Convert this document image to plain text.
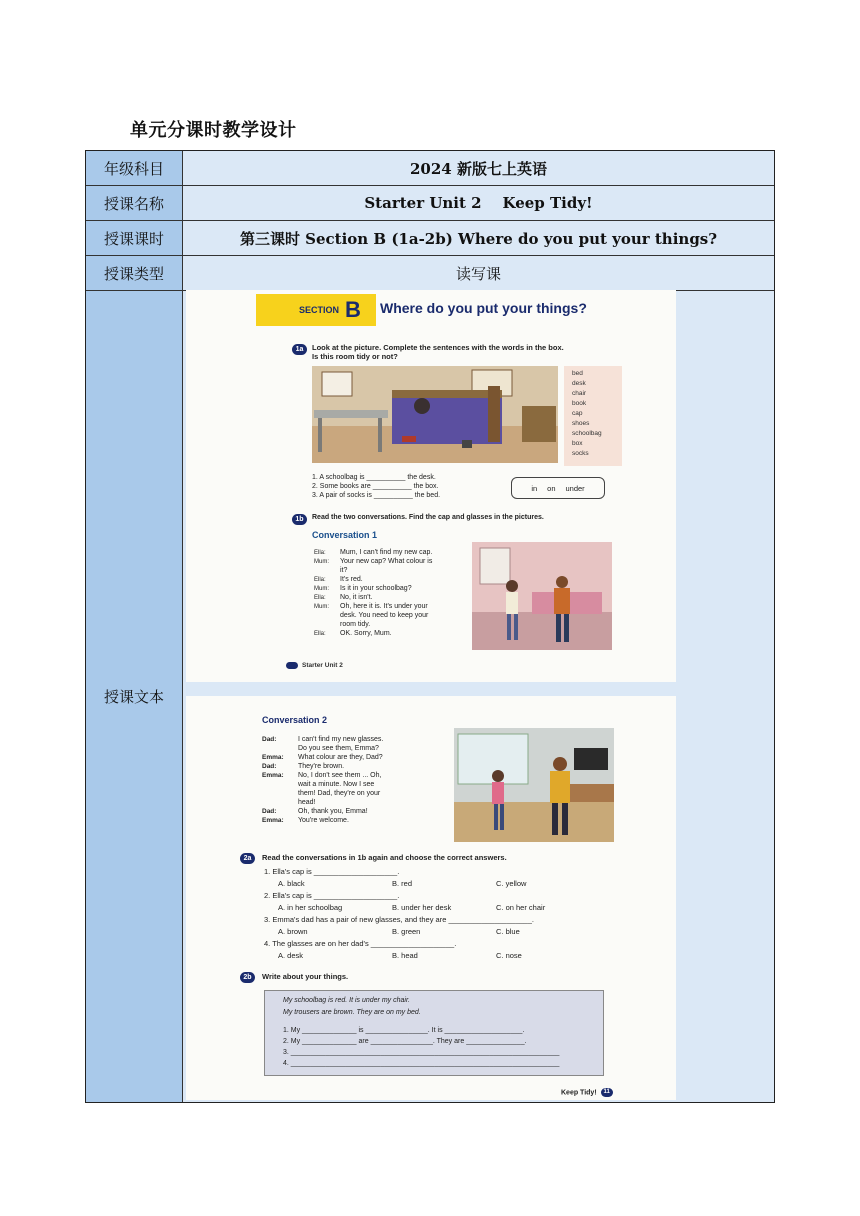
单元分课时教学设计
年级科目	2024 新版七上英语
授课名称	Starter Unit 2    Keep Tidy!
授课课时	第三课时 Section B (1a-2b) Where do you put your things?
授课类型	读写课
授课文本
SECTION B Where do you put your things?
1a	Look at the picture. Complete the sentences with the words in the box.
Is this room tidy or not?
bed
desk
chair
book
cap
shoes
schoolbag
box
socks
1. A schoolbag is __________ the desk.
2. Some books are __________ the box.
3. A pair of socks is __________ the bed.
in on under
1b	Read the two conversations. Find the cap and glasses in the pictures.
Conversation 1
Ella: Mum, I can't find my new cap.
Mum: Your new cap? What colour is
it?
Ella: It's red.
Mum: Is it in your schoolbag?
Ella: No, it isn't.
Mum: Oh, here it is. It's under your
desk. You need to keep your
room tidy.
Ella: OK. Sorry, Mum.
Starter Unit 2
Conversation 2
Dad:	I can't find my new glasses.
Do you see them, Emma?
Emma: What colour are they, Dad?
Dad:	They're brown.
Emma: No, I don't see them ... Oh,
wait a minute. Now I see
them! Dad, they're on your
head!
Dad:	Oh, thank you, Emma!
Emma: You're welcome.
2a	Read the conversations in 1b again and choose the correct answers.
1. Ella's cap is ____________________.
A. black	B. red	C. yellow
2. Ella's cap is ____________________.
A. in her schoolbag	B. under her desk	C. on her chair
3. Emma's dad has a pair of new glasses, and they are ____________________.
A. brown	B. green	C. blue
4. The glasses are on her dad's ____________________.
A. desk	B. head	C. nose
2b	Write about your things.
My schoolbag is red. It is under my chair.
My trousers are brown. They are on my bed.
1. My ______________ is ________________. It is ____________________.
2. My ______________ are ________________. They are _______________.
3. _____________________________________________________________________
4. _____________________________________________________________________
Keep Tidy! 11
